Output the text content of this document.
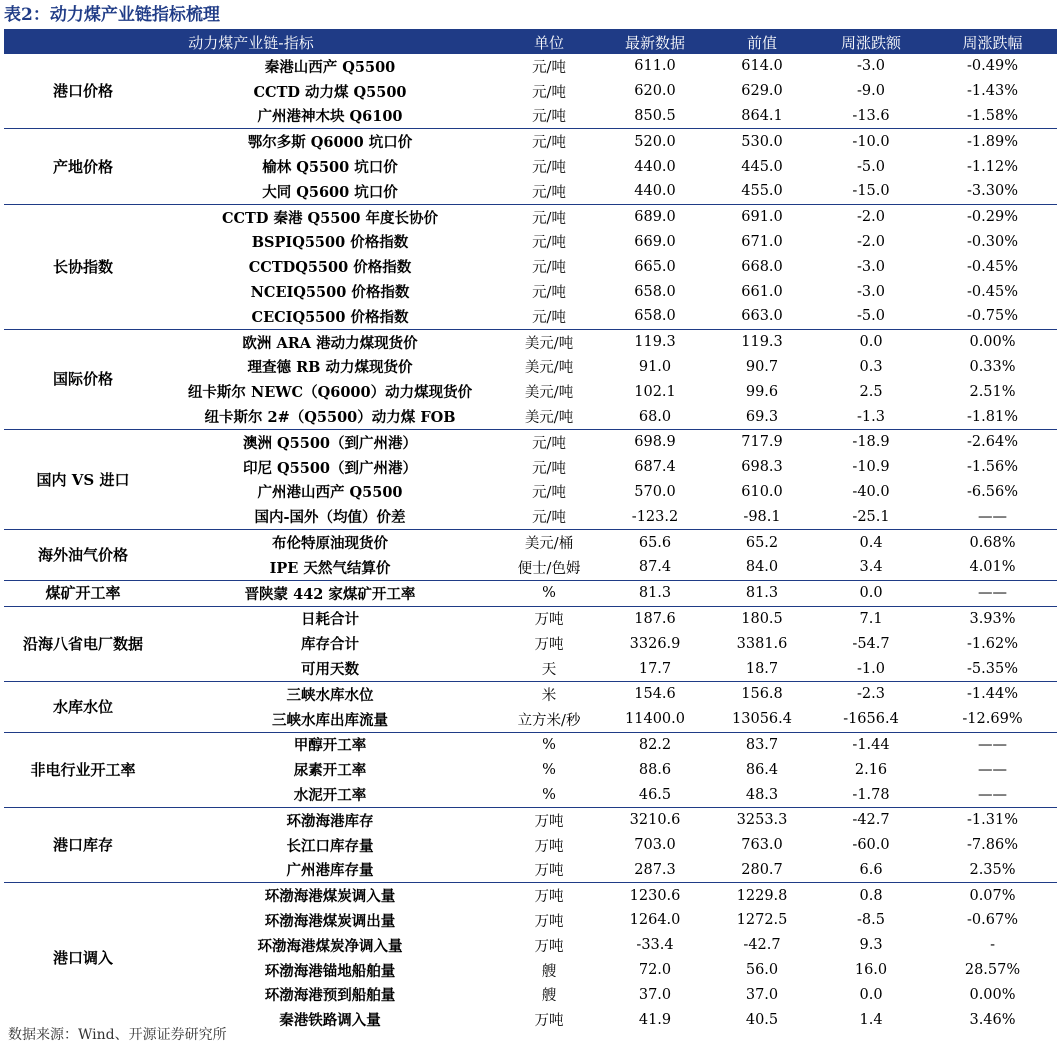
表2：动力煤产业链指标梳理
动力煤产业链-指标		单位	最新数据	前值	周涨跌额	周涨跌幅
港口价格	秦港山西产 Q5500	元/吨	611.0	614.0	-3.0	-0.49%
	CCTD 动力煤 Q5500	元/吨	620.0	629.0	-9.0	-1.43%
	广州港神木块 Q6100	元/吨	850.5	864.1	-13.6	-1.58%
产地价格	鄂尔多斯 Q6000 坑口价	元/吨	520.0	530.0	-10.0	-1.89%
	榆林 Q5500 坑口价	元/吨	440.0	445.0	-5.0	-1.12%
	大同 Q5600 坑口价	元/吨	440.0	455.0	-15.0	-3.30%
长协指数	CCTD 秦港 Q5500 年度长协价	元/吨	689.0	691.0	-2.0	-0.29%
	BSPIQ5500 价格指数	元/吨	669.0	671.0	-2.0	-0.30%
	CCTDQ5500 价格指数	元/吨	665.0	668.0	-3.0	-0.45%
	NCEIQ5500 价格指数	元/吨	658.0	661.0	-3.0	-0.45%
	CECIQ5500 价格指数	元/吨	658.0	663.0	-5.0	-0.75%
国际价格	欧洲 ARA 港动力煤现货价	美元/吨	119.3	119.3	0.0	0.00%
	理查德 RB 动力煤现货价	美元/吨	91.0	90.7	0.3	0.33%
	纽卡斯尔 NEWC（Q6000）动力煤现货价	美元/吨	102.1	99.6	2.5	2.51%
	纽卡斯尔 2#（Q5500）动力煤 FOB	美元/吨	68.0	69.3	-1.3	-1.81%
国内 VS 进口	澳洲 Q5500（到广州港）	元/吨	698.9	717.9	-18.9	-2.64%
	印尼 Q5500（到广州港）	元/吨	687.4	698.3	-10.9	-1.56%
	广州港山西产 Q5500	元/吨	570.0	610.0	-40.0	-6.56%
	国内-国外（均值）价差	元/吨	-123.2	-98.1	-25.1	——
海外油气价格	布伦特原油现货价	美元/桶	65.6	65.2	0.4	0.68%
	IPE 天然气结算价	便士/色姆	87.4	84.0	3.4	4.01%
煤矿开工率	晋陕蒙 442 家煤矿开工率	%	81.3	81.3	0.0	——
沿海八省电厂数据	日耗合计	万吨	187.6	180.5	7.1	3.93%
	库存合计	万吨	3326.9	3381.6	-54.7	-1.62%
	可用天数	天	17.7	18.7	-1.0	-5.35%
水库水位	三峡水库水位	米	154.6	156.8	-2.3	-1.44%
	三峡水库出库流量	立方米/秒	11400.0	13056.4	-1656.4	-12.69%
非电行业开工率	甲醇开工率	%	82.2	83.7	-1.44	——
	尿素开工率	%	88.6	86.4	2.16	——
	水泥开工率	%	46.5	48.3	-1.78	——
港口库存	环渤海港库存	万吨	3210.6	3253.3	-42.7	-1.31%
	长江口库存量	万吨	703.0	763.0	-60.0	-7.86%
	广州港库存量	万吨	287.3	280.7	6.6	2.35%
港口调入	环渤海港煤炭调入量	万吨	1230.6	1229.8	0.8	0.07%
	环渤海港煤炭调出量	万吨	1264.0	1272.5	-8.5	-0.67%
	环渤海港煤炭净调入量	万吨	-33.4	-42.7	9.3	-
	环渤海港锚地船舶量	艘	72.0	56.0	16.0	28.57%
	环渤海港预到船舶量	艘	37.0	37.0	0.0	0.00%
	秦港铁路调入量	万吨	41.9	40.5	1.4	3.46%
数据来源：Wind、开源证券研究所
